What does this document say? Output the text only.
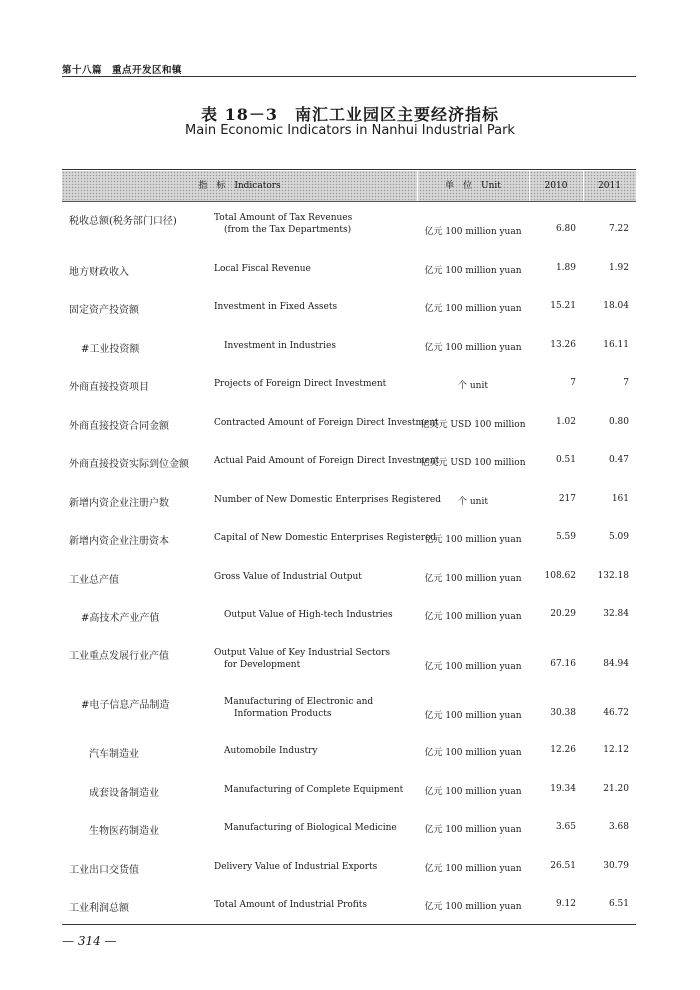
第十八篇　重点开发区和镇
表 18－3　南汇工业园区主要经济指标
Main Economic Indicators in Nanhui Industrial Park
指　标　Indicators	单　位　Unit	2010	2011
税收总额(税务部门口径)	Total Amount of Tax Revenues
(from the Tax Departments)	亿元 100 million yuan	6.80	7.22
地方财政收入	Local Fiscal Revenue	亿元 100 million yuan	1.89	1.92
固定资产投资额	Investment in Fixed Assets	亿元 100 million yuan	15.21	18.04
#工业投资额	Investment in Industries	亿元 100 million yuan	13.26	16.11
外商直接投资项目	Projects of Foreign Direct Investment	个 unit	7	7
外商直接投资合同金额	Contracted Amount of Foreign Direct Investment
亿美元 USD 100 million	1.02	0.80
外商直接投资实际到位金额	Actual Paid Amount of Foreign Direct Investment
亿美元 USD 100 million	0.51	0.47
新增内资企业注册户数	Number of New Domestic Enterprises Registered	个 unit	217	161
新增内资企业注册资本	Capital of New Domestic Enterprises Registered
亿元 100 million yuan	5.59	5.09
工业总产值	Gross Value of Industrial Output	亿元 100 million yuan	108.62 132.18
#高技术产业产值	Output Value of High-tech Industries	亿元 100 million yuan	20.29	32.84
工业重点发展行业产值	Output Value of Key Industrial Sectors
for Development	亿元 100 million yuan	67.16	84.94
#电子信息产品制造	Manufacturing of Electronic and
Information Products	亿元 100 million yuan	30.38	46.72
汽车制造业	Automobile Industry	亿元 100 million yuan	12.26	12.12
成套设备制造业	Manufacturing of Complete Equipment	亿元 100 million yuan	19.34	21.20
生物医药制造业	Manufacturing of Biological Medicine	亿元 100 million yuan	3.65	3.68
工业出口交货值	Delivery Value of Industrial Exports	亿元 100 million yuan	26.51	30.79
工业利润总额	Total Amount of Industrial Profits	亿元 100 million yuan	9.12	6.51
— 314 —
